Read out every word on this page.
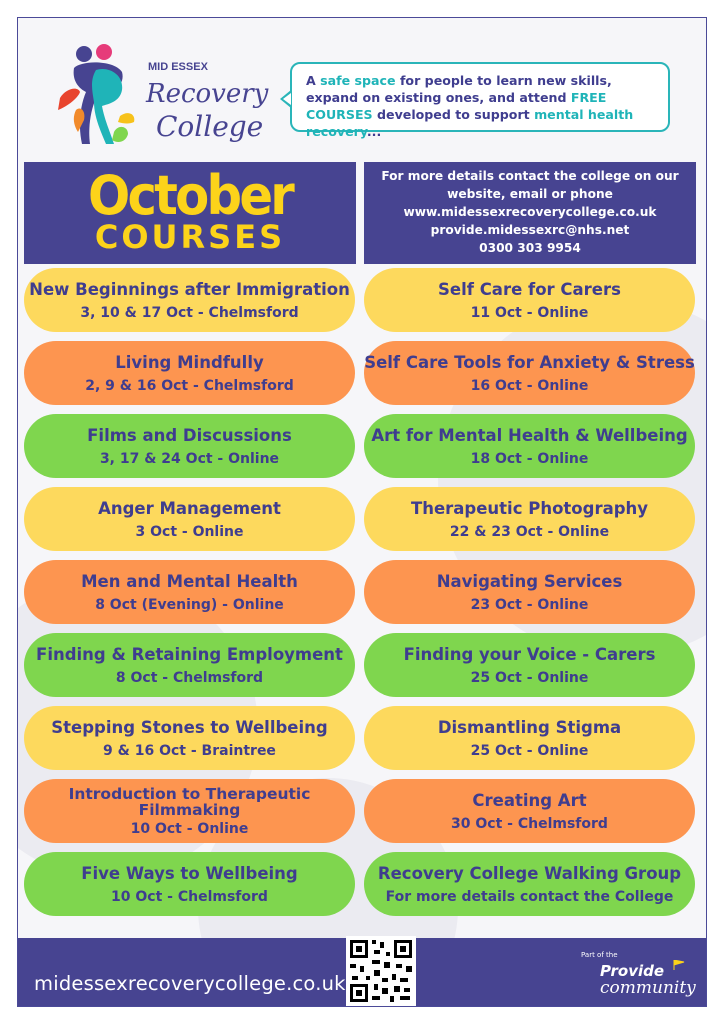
MID ESSEX
Recovery
College
A safe space for people to learn new skills, expand on existing ones, and attend FREE COURSES developed to support mental health recovery...
October
COURSES
For more details contact the college on our
website, email or phone
www.midessexrecoverycollege.co.uk
provide.midessexrc@nhs.net
0300 303 9954
New Beginnings after Immigration
3, 10 & 17 Oct - Chelmsford
Living Mindfully
2, 9 & 16 Oct - Chelmsford
Films and Discussions
3, 17 & 24 Oct - Online
Anger Management
3 Oct - Online
Men and Mental Health
8 Oct (Evening) - Online
Finding & Retaining Employment
8 Oct - Chelmsford
Stepping Stones to Wellbeing
9 & 16 Oct - Braintree
Introduction to Therapeutic Filmmaking
10 Oct - Online
Five Ways to Wellbeing
10 Oct - Chelmsford
Self Care for Carers
11 Oct - Online
Self Care Tools for Anxiety & Stress
16 Oct - Online
Art for Mental Health & Wellbeing
18 Oct - Online
Therapeutic Photography
22 & 23 Oct - Online
Navigating Services
23 Oct - Online
Finding your Voice - Carers
25 Oct - Online
Dismantling Stigma
25 Oct - Online
Creating Art
30 Oct - Chelmsford
Recovery College Walking Group
For more details contact the College
midessexrecoverycollege.co.uk
Part of the
Provide
community
